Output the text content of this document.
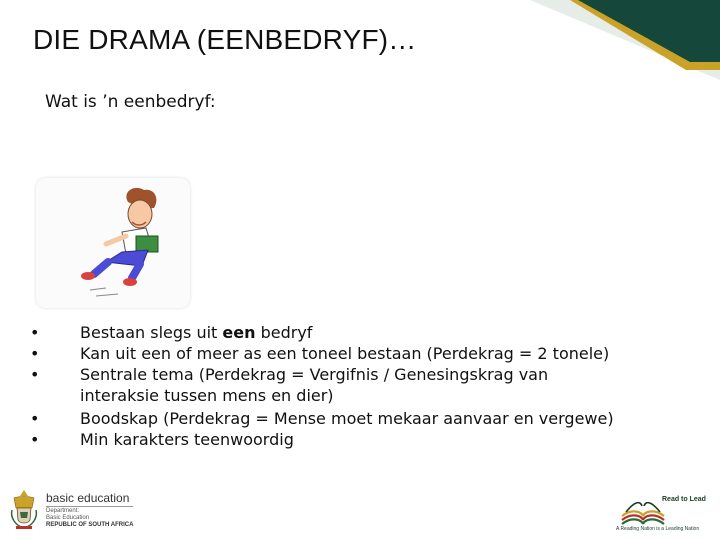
DIE DRAMA (EENBEDRYF)…
Wat is ’n eenbedryf:
•	Bestaan slegs uit een bedryf
•	Kan uit een of meer as een toneel bestaan (Perdekrag = 2 tonele)
•	Sentrale tema (Perdekrag = Vergifnis / Genesingskrag van interaksie tussen mens en dier)
•	Boodskap (Perdekrag = Mense moet mekaar aanvaar en vergewe)
•	Min karakters teenwoordig
basic education
Department:
Basic Education
REPUBLIC OF SOUTH AFRICA
Read to Lead
A Reading Nation is a Leading Nation
